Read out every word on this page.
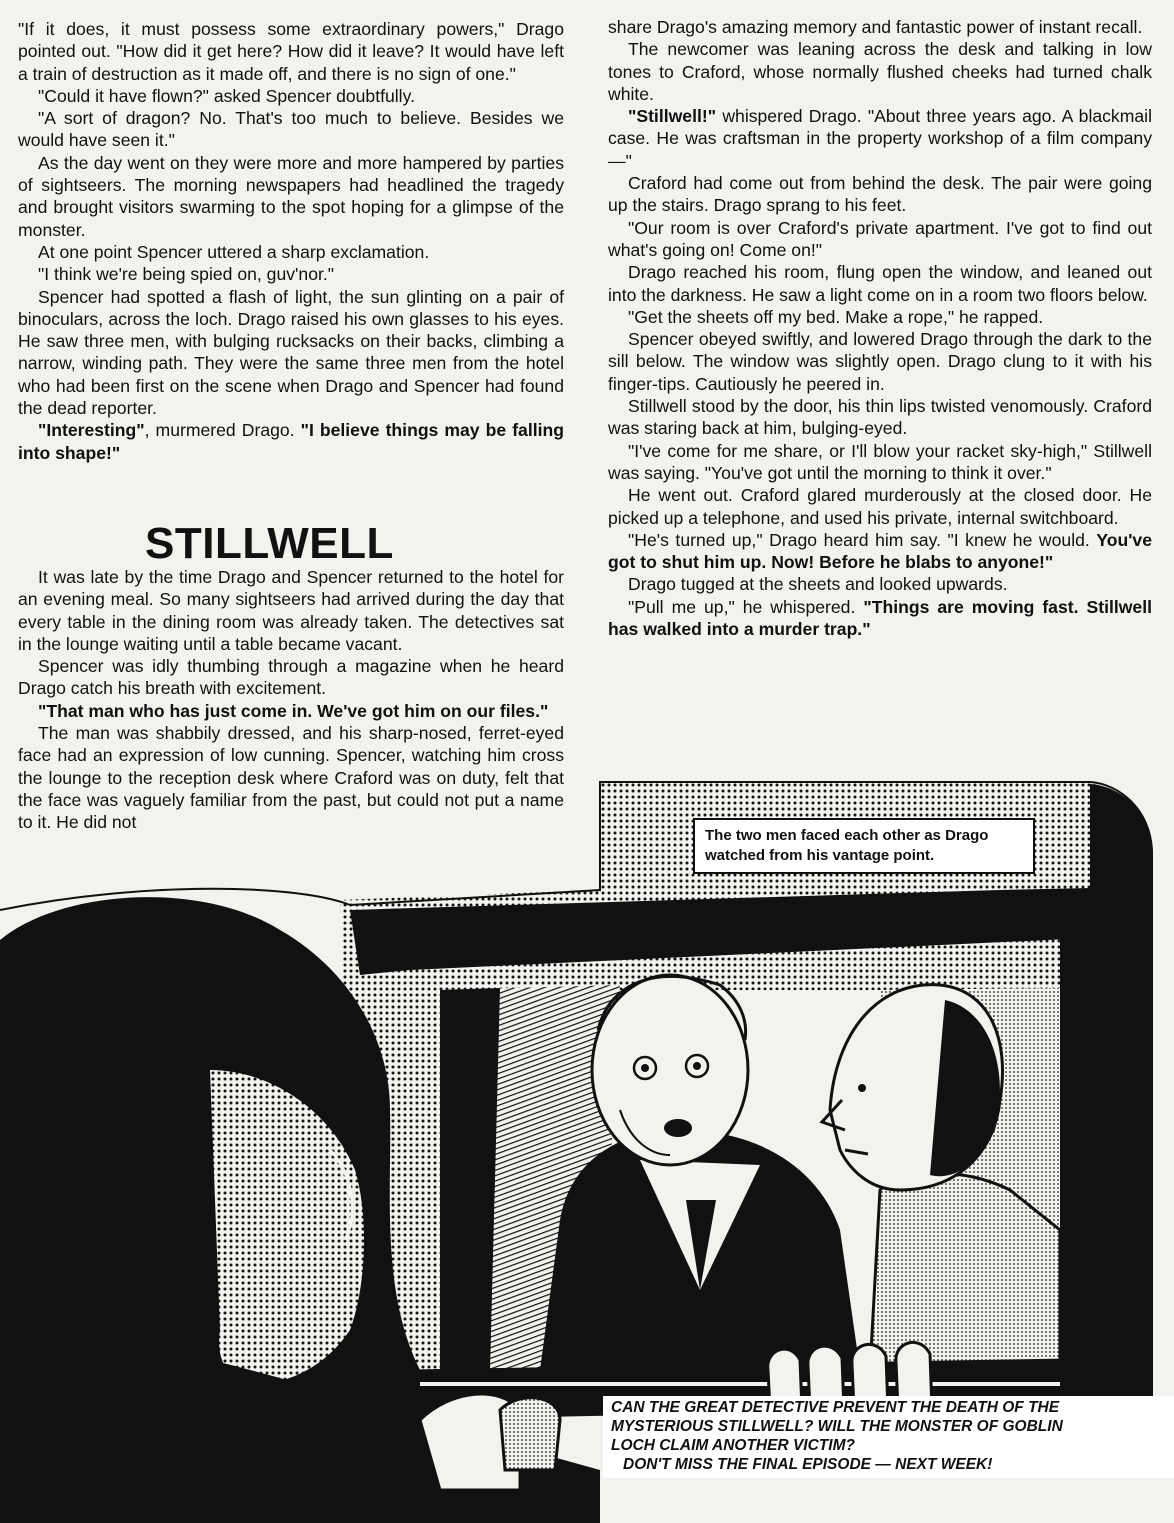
"If it does, it must possess some extraordinary powers," Drago pointed out. "How did it get here? How did it leave? It would have left a train of destruction as it made off, and there is no sign of one."

"Could it have flown?" asked Spencer doubtfully.

"A sort of dragon? No. That's too much to believe. Besides we would have seen it."

As the day went on they were more and more hampered by parties of sightseers. The morning newspapers had headlined the tragedy and brought visitors swarming to the spot hoping for a glimpse of the monster.

At one point Spencer uttered a sharp exclamation.

"I think we're being spied on, guv'nor."

Spencer had spotted a flash of light, the sun glinting on a pair of binoculars, across the loch. Drago raised his own glasses to his eyes. He saw three men, with bulging rucksacks on their backs, climbing a narrow, winding path. They were the same three men from the hotel who had been first on the scene when Drago and Spencer had found the dead reporter.

"Interesting", murmered Drago. "I believe things may be falling into shape!"

STILLWELL

It was late by the time Drago and Spencer returned to the hotel for an evening meal. So many sightseers had arrived during the day that every table in the dining room was already taken. The detectives sat in the lounge waiting until a table became vacant.

Spencer was idly thumbing through a magazine when he heard Drago catch his breath with excitement.

"That man who has just come in. We've got him on our files."

The man was shabbily dressed, and his sharp-nosed, ferret-eyed face had an expression of low cunning. Spencer, watching him cross the lounge to the reception desk where Craford was on duty, felt that the face was vaguely familiar from the past, but could not put a name to it. He did not

share Drago's amazing memory and fantastic power of instant recall.

The newcomer was leaning across the desk and talking in low tones to Craford, whose normally flushed cheeks had turned chalk white.

"Stillwell!" whispered Drago. "About three years ago. A blackmail case. He was craftsman in the property workshop of a film company—"

Craford had come out from behind the desk. The pair were going up the stairs. Drago sprang to his feet.

"Our room is over Craford's private apartment. I've got to find out what's going on! Come on!"

Drago reached his room, flung open the window, and leaned out into the darkness. He saw a light come on in a room two floors below.

"Get the sheets off my bed. Make a rope," he rapped.

Spencer obeyed swiftly, and lowered Drago through the dark to the sill below. The window was slightly open. Drago clung to it with his finger-tips. Cautiously he peered in.

Stillwell stood by the door, his thin lips twisted venomously. Craford was staring back at him, bulging-eyed.

"I've come for me share, or I'll blow your racket sky-high," Stillwell was saying. "You've got until the morning to think it over."

He went out. Craford glared murderously at the closed door. He picked up a telephone, and used his private, internal switchboard.

"He's turned up," Drago heard him say. "I knew he would. You've got to shut him up. Now! Before he blabs to anyone!"

Drago tugged at the sheets and looked upwards.

"Pull me up," he whispered. "Things are moving fast. Stillwell has walked into a murder trap."

The two men faced each other as Drago watched from his vantage point.
CAN THE GREAT DETECTIVE PREVENT THE DEATH OF THE
MYSTERIOUS STILLWELL? WILL THE MONSTER OF GOBLIN
LOCH CLAIM ANOTHER VICTIM?
DON'T MISS THE FINAL EPISODE — NEXT WEEK!
